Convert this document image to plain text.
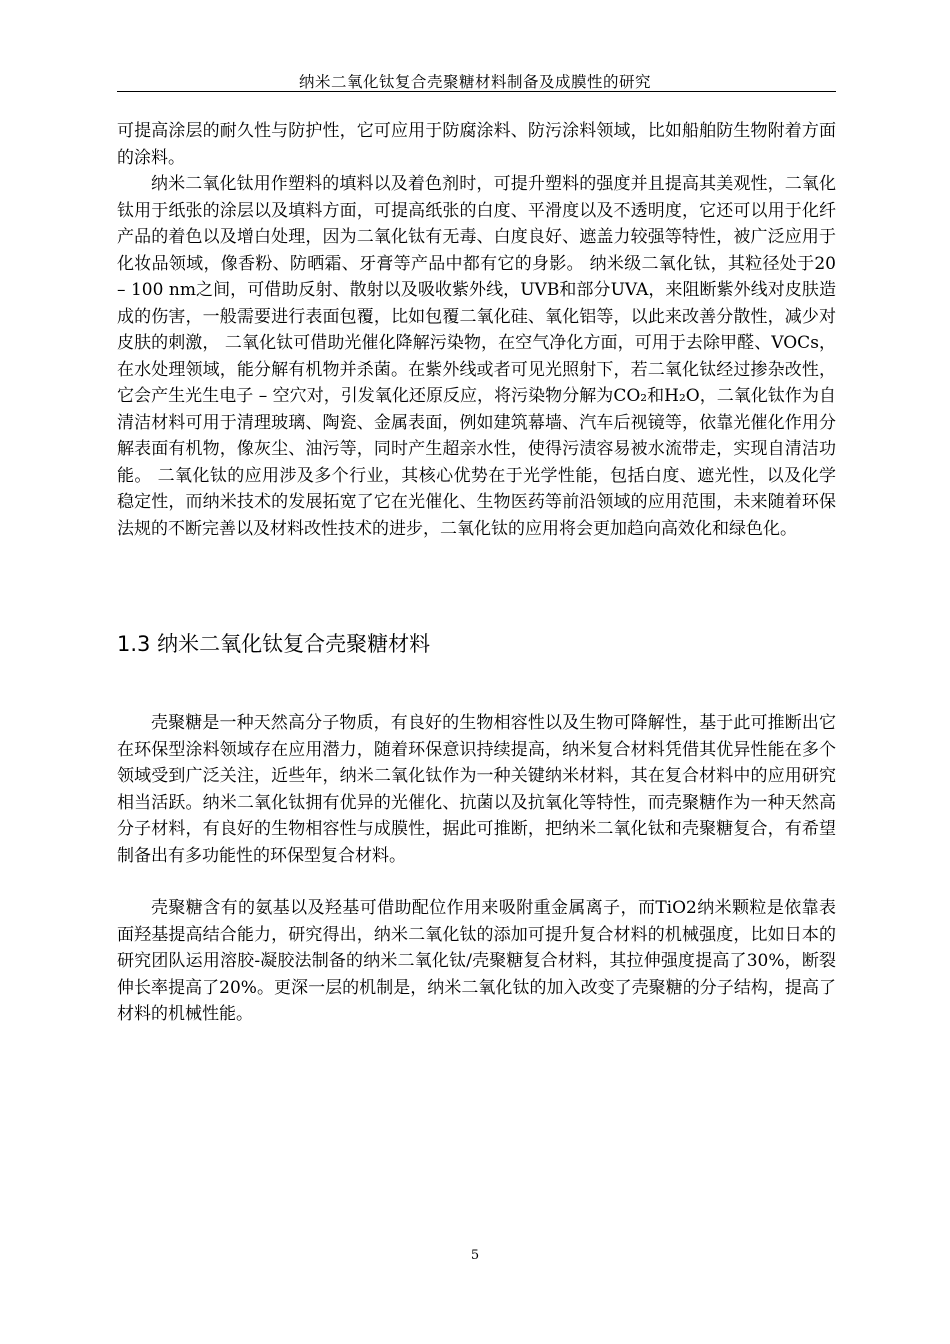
纳米二氧化钛复合壳聚糖材料制备及成膜性的研究

可提高涂层的耐久性与防护性，它可应用于防腐涂料、防污涂料领域，比如船舶防生物附着方面的涂料。

纳米二氧化钛用作塑料的填料以及着色剂时，可提升塑料的强度并且提高其美观性，二氧化钛用于纸张的涂层以及填料方面，可提高纸张的白度、平滑度以及不透明度，它还可以用于化纤产品的着色以及增白处理，因为二氧化钛有无毒、白度良好、遮盖力较强等特性，被广泛应用于化妆品领域，像香粉、防晒霜、牙膏等产品中都有它的身影。 纳米级二氧化钛，其粒径处于20 – 100 nm之间，可借助反射、散射以及吸收紫外线，UVB和部分UVA，来阻断紫外线对皮肤造成的伤害，一般需要进行表面包覆，比如包覆二氧化硅、氧化铝等，以此来改善分散性，减少对皮肤的刺激， 二氧化钛可借助光催化降解污染物，在空气净化方面，可用于去除甲醛、VOCs，在水处理领域，能分解有机物并杀菌。在紫外线或者可见光照射下，若二氧化钛经过掺杂改性，它会产生光生电子 – 空穴对，引发氧化还原反应，将污染物分解为CO₂和H₂O，二氧化钛作为自清洁材料可用于清理玻璃、陶瓷、金属表面，例如建筑幕墙、汽车后视镜等，依靠光催化作用分解表面有机物，像灰尘、油污等，同时产生超亲水性，使得污渍容易被水流带走，实现自清洁功能。 二氧化钛的应用涉及多个行业，其核心优势在于光学性能，包括白度、遮光性，以及化学稳定性，而纳米技术的发展拓宽了它在光催化、生物医药等前沿领域的应用范围，未来随着环保法规的不断完善以及材料改性技术的进步，二氧化钛的应用将会更加趋向高效化和绿色化。

1.3 纳米二氧化钛复合壳聚糖材料

壳聚糖是一种天然高分子物质，有良好的生物相容性以及生物可降解性，基于此可推断出它在环保型涂料领域存在应用潜力，随着环保意识持续提高，纳米复合材料凭借其优异性能在多个领域受到广泛关注，近些年，纳米二氧化钛作为一种关键纳米材料，其在复合材料中的应用研究相当活跃。纳米二氧化钛拥有优异的光催化、抗菌以及抗氧化等特性，而壳聚糖作为一种天然高分子材料，有良好的生物相容性与成膜性，据此可推断，把纳米二氧化钛和壳聚糖复合，有希望制备出有多功能性的环保型复合材料。

壳聚糖含有的氨基以及羟基可借助配位作用来吸附重金属离子，而TiO2纳米颗粒是依靠表面羟基提高结合能力，研究得出，纳米二氧化钛的添加可提升复合材料的机械强度，比如日本的研究团队运用溶胶-凝胶法制备的纳米二氧化钛/壳聚糖复合材料，其拉伸强度提高了30%，断裂伸长率提高了20%。更深一层的机制是，纳米二氧化钛的加入改变了壳聚糖的分子结构，提高了材料的机械性能。

5
